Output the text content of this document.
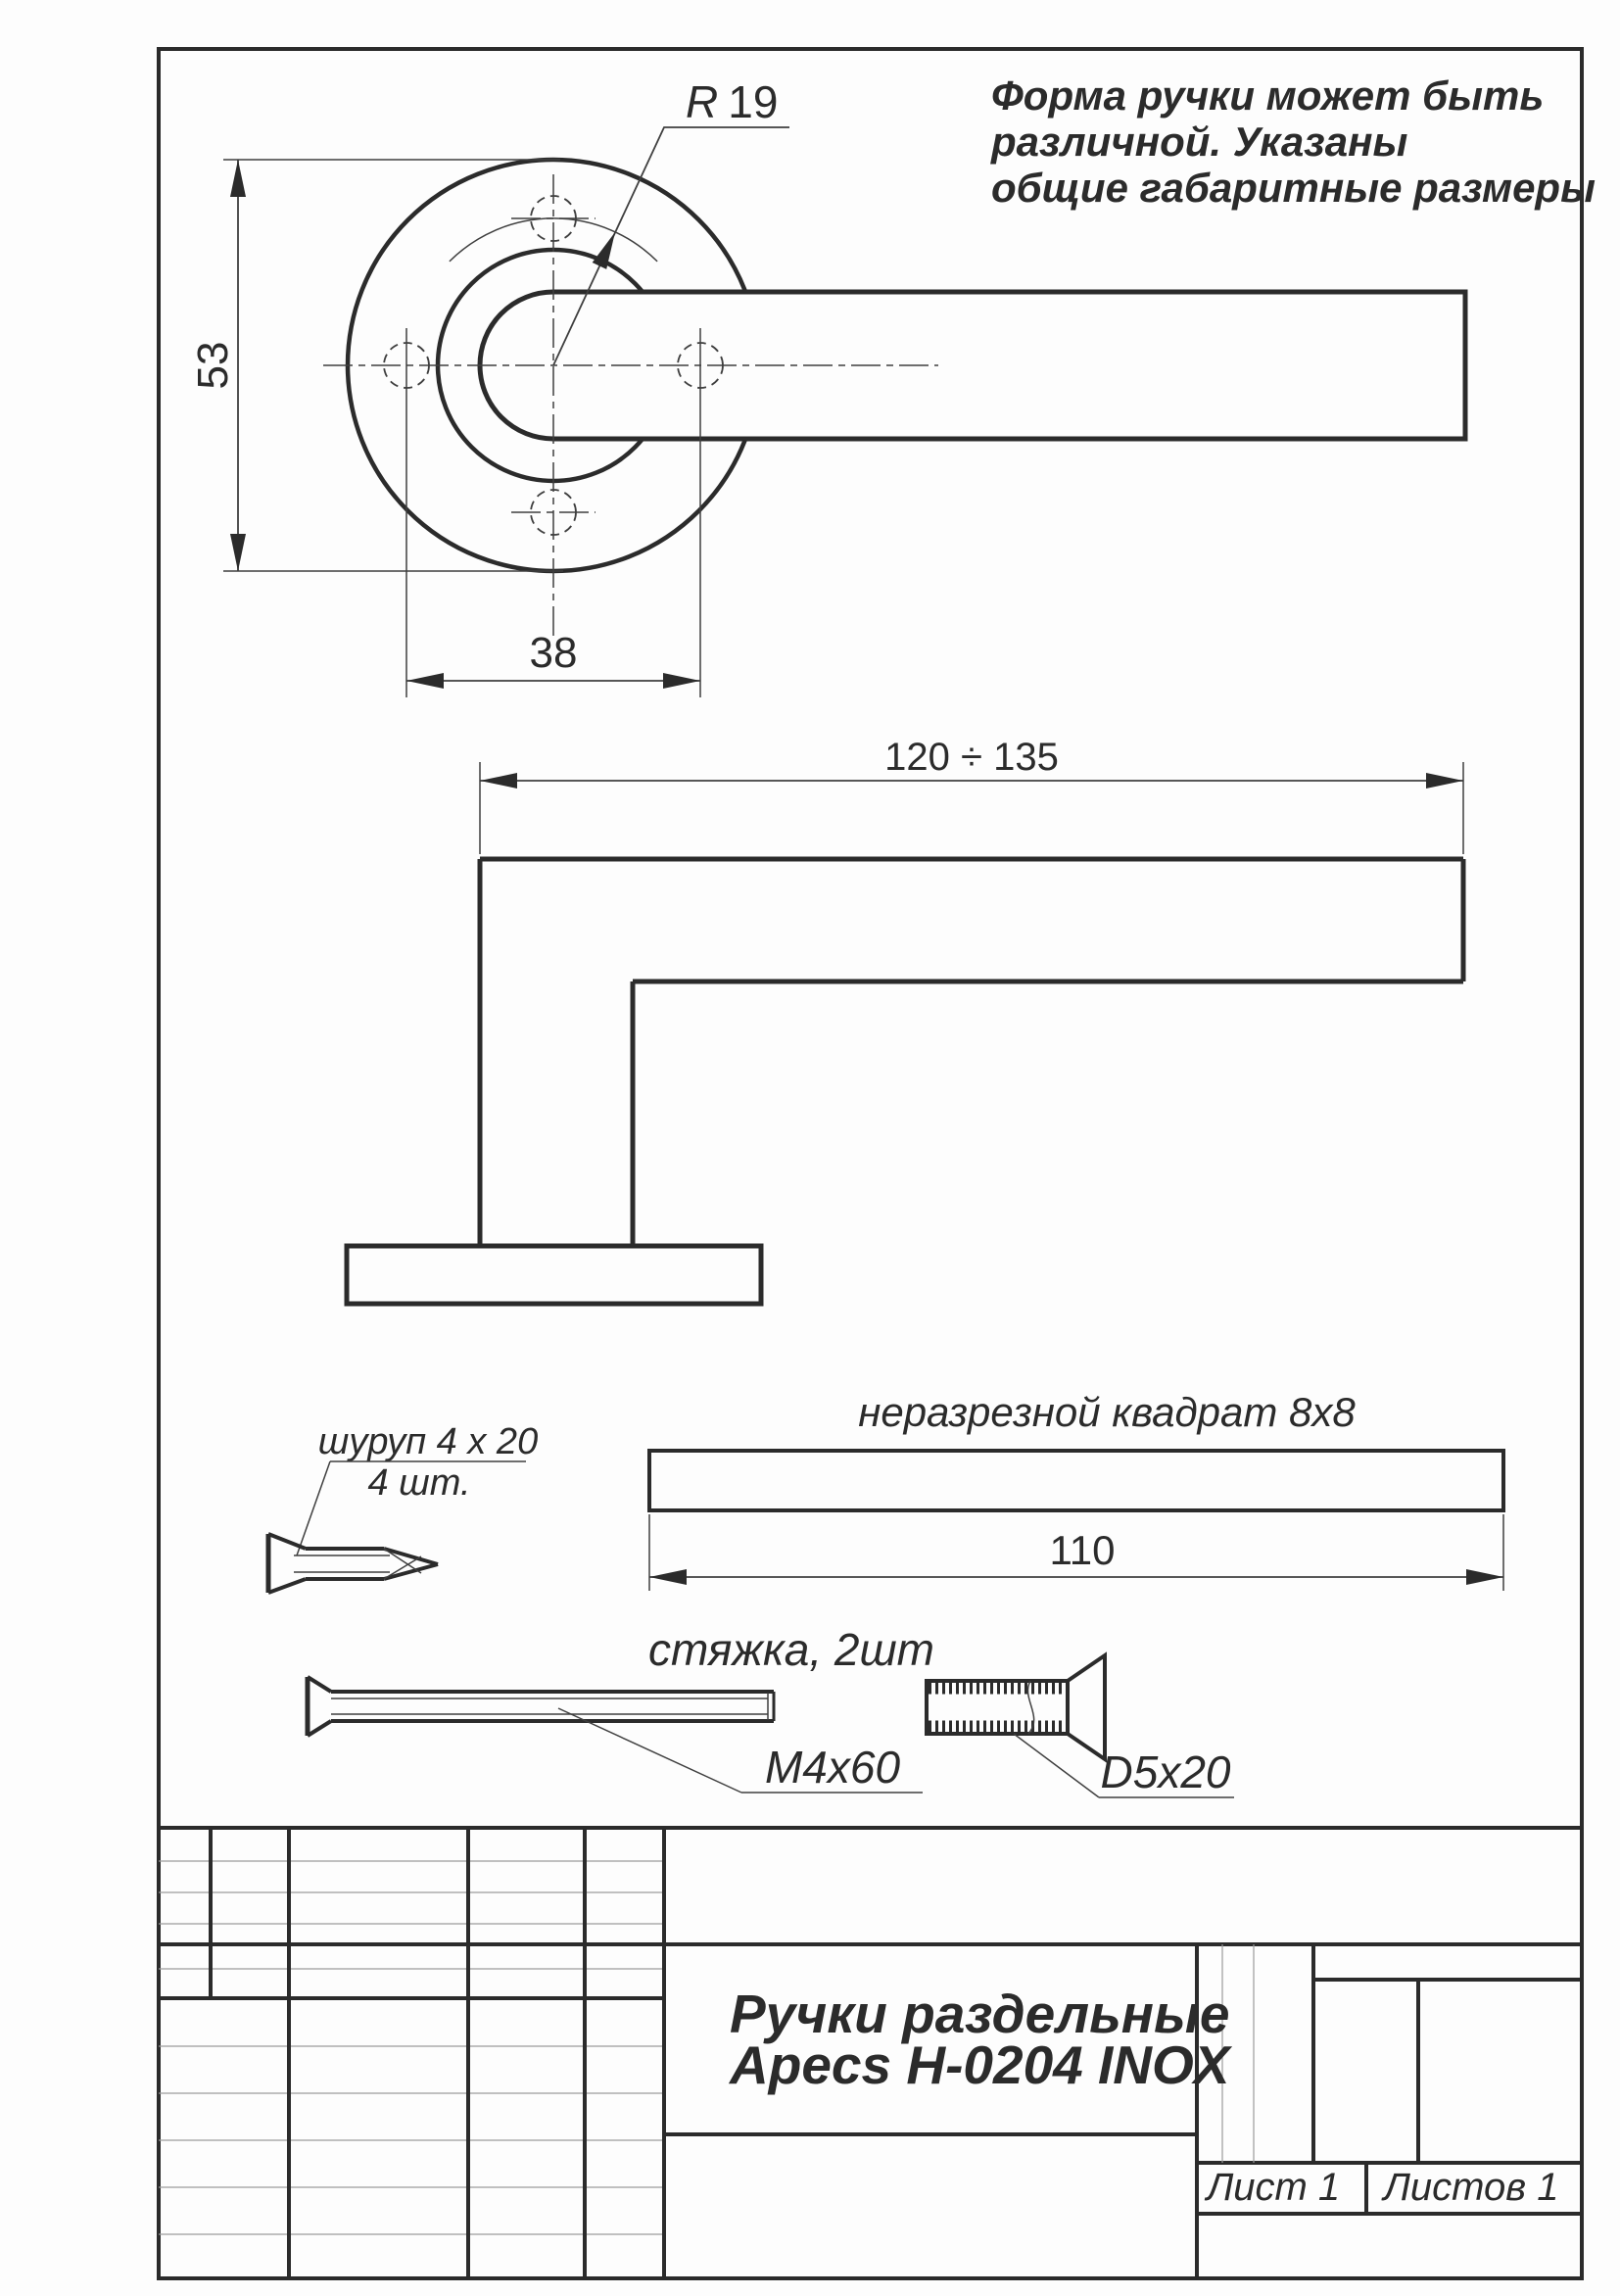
R 19
53
38
Форма ручки может быть
различной. Указаны
общие габаритные размеры
120 ÷ 135
неразрезной квадрат 8x8
110
шуруп 4 x 20
4 шт.
стяжка, 2шт
M4x60	D5x20
Ручки раздельные
Apecs H-0204 INOX
Лист 1 Листов 1
